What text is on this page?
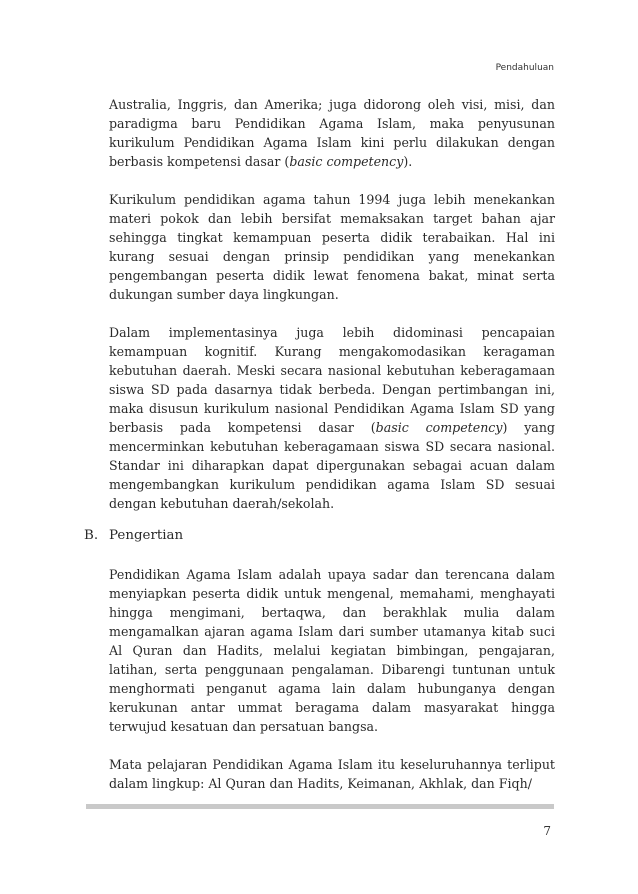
Pendahuluan

Australia, Inggris, dan Amerika; juga didorong oleh visi, misi, dan paradigma baru Pendidikan Agama Islam, maka penyusunan kurikulum Pendidikan Agama Islam kini perlu dilakukan dengan berbasis kompetensi dasar (basic competency).

Kurikulum pendidikan agama tahun 1994 juga lebih menekankan materi pokok dan lebih bersifat memaksakan target bahan ajar sehingga tingkat kemampuan peserta didik terabaikan. Hal ini kurang sesuai dengan prinsip pendidikan yang menekankan pengembangan peserta didik lewat fenomena bakat, minat serta dukungan sumber daya lingkungan.

Dalam implementasinya juga lebih didominasi pencapaian kemampuan kognitif. Kurang mengakomodasikan keragaman kebutuhan daerah. Meski secara nasional kebutuhan keberagamaan siswa SD pada dasarnya tidak berbeda. Dengan pertimbangan ini, maka disusun kurikulum nasional Pendidikan Agama Islam SD yang berbasis pada kompetensi dasar (basic competency) yang mencerminkan kebutuhan keberagamaan siswa SD secara nasional. Standar ini diharapkan dapat dipergunakan sebagai acuan dalam mengembangkan kurikulum pendidikan agama Islam SD sesuai dengan kebutuhan daerah/sekolah.

B. Pengertian

Pendidikan Agama Islam adalah upaya sadar dan terencana dalam menyiapkan peserta didik untuk mengenal, memahami, menghayati hingga mengimani, bertaqwa, dan berakhlak mulia dalam mengamalkan ajaran agama Islam dari sumber utamanya kitab suci Al Quran dan Hadits, melalui kegiatan bimbingan, pengajaran, latihan, serta penggunaan pengalaman. Dibarengi tuntunan untuk menghormati penganut agama lain dalam hubunganya dengan kerukunan antar ummat beragama dalam masyarakat hingga terwujud kesatuan dan persatuan bangsa.

Mata pelajaran Pendidikan Agama Islam itu keseluruhannya terliput dalam lingkup: Al Quran dan Hadits, Keimanan, Akhlak, dan Fiqh/

7
